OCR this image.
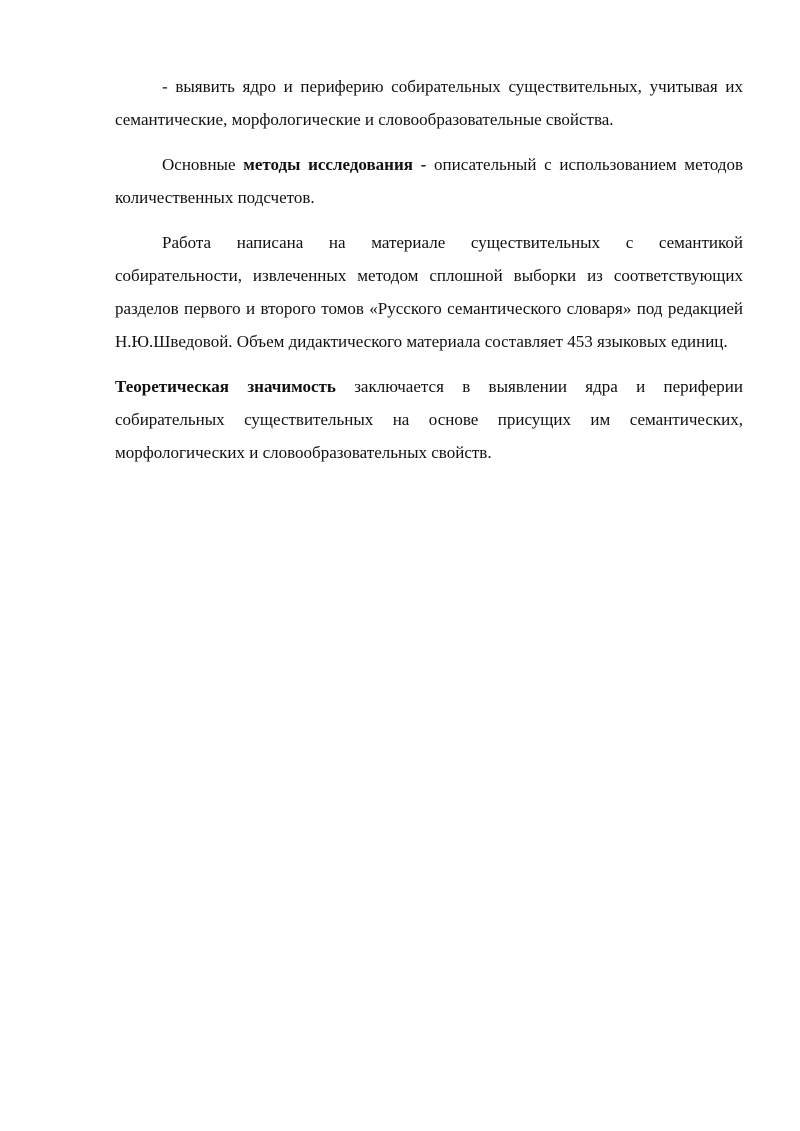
- выявить ядро и периферию собирательных существительных, учитывая их семантические, морфологические и словообразовательные свойства.

Основные методы исследования - описательный с использованием методов количественных подсчетов.

Работа написана на материале существительных с семантикой собирательности, извлеченных методом сплошной выборки из соответствующих разделов первого и второго томов «Русского семантического словаря» под редакцией Н.Ю.Шведовой. Объем дидактического материала составляет 453 языковых единиц.

Теоретическая значимость заключается в выявлении ядра и периферии собирательных существительных на основе присущих им семантических, морфологических и словообразовательных свойств.
